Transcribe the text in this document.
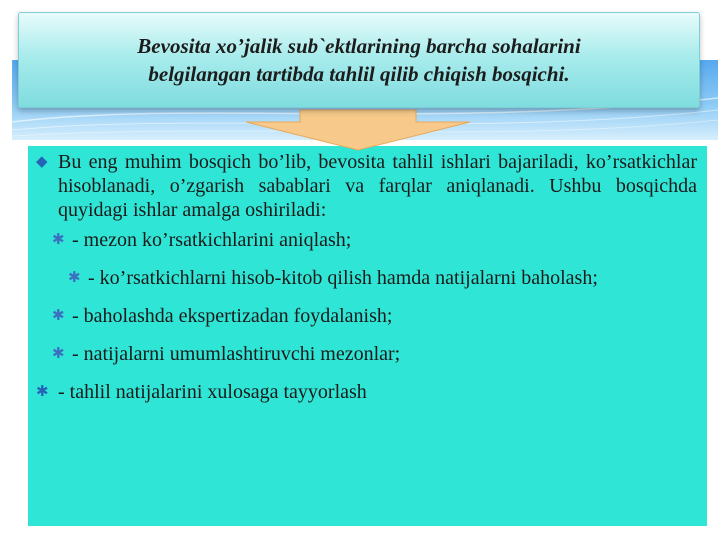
Bevosita xo’jalik sub`ektlarining barcha sohalarini
belgilangan tartibda tahlil qilib chiqish bosqichi.
◆ Bu eng muhim bosqich bo’lib, bevosita tahlil ishlari bajariladi, ko’rsatkichlar hisoblanadi, o’zgarish sabablari va farqlar aniqlanadi. Ushbu bosqichda quyidagi ishlar amalga oshiriladi:
✱ - mezon ko’rsatkichlarini aniqlash;
✱ - ko’rsatkichlarni hisob-kitob qilish hamda natijalarni baholash;
✱ - baholashda ekspertizadan foydalanish;
✱ - natijalarni umumlashtiruvchi mezonlar;
✱ - tahlil natijalarini xulosaga tayyorlash
